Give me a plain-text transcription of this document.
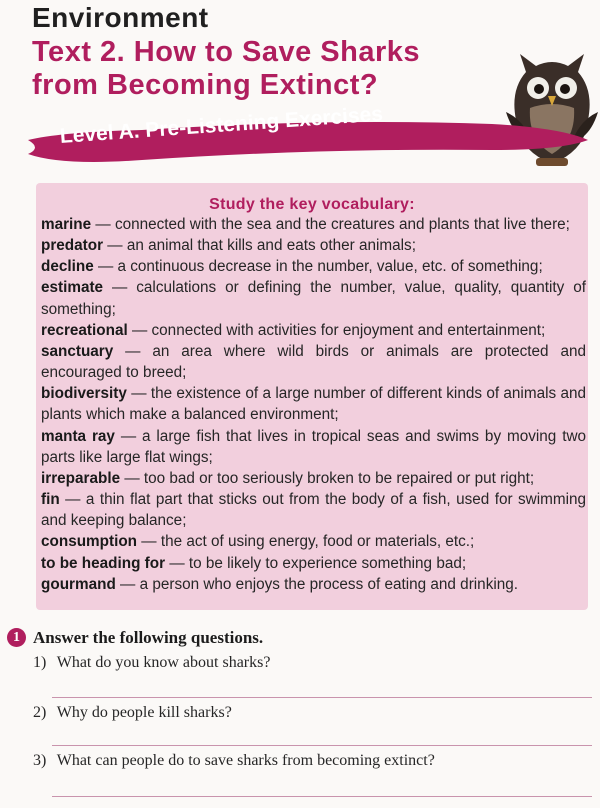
Environment
Text 2. How to Save Sharks
from Becoming Extinct?
Level A. Pre-Listening Exercises
Study the key vocabulary:

marine — connected with the sea and the creatures and plants that live there;

predator — an animal that kills and eats other animals;

decline — a continuous decrease in the number, value, etc. of something;

estimate — calculations or defining the number, value, quality, quantity of something;

recreational — connected with activities for enjoyment and entertainment;

sanctuary — an area where wild birds or animals are protected and encouraged to breed;

biodiversity — the existence of a large number of different kinds of animals and plants which make a balanced environment;

manta ray — a large fish that lives in tropical seas and swims by moving two parts like large flat wings;

irreparable — too bad or too seriously broken to be repaired or put right;

fin — a thin flat part that sticks out from the body of a fish, used for swimming and keeping balance;

consumption — the act of using energy, food or materials, etc.;

to be heading for — to be likely to experience something bad;

gourmand — a person who enjoys the process of eating and drinking.

1 Answer the following questions.
1) What do you know about sharks?
2) Why do people kill sharks?
3) What can people do to save sharks from becoming extinct?
